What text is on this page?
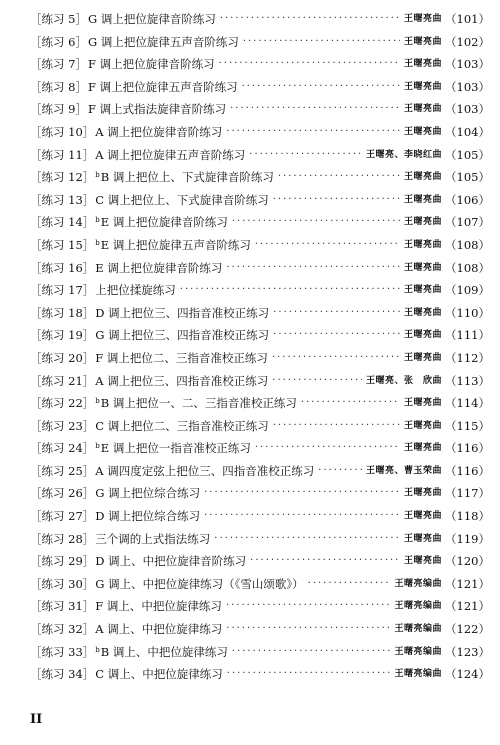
［练习 5］ G 调上把位旋律音阶练习 ·····	王曙亮曲 （101）
［练习 6］ G 调上把位旋律五声音阶练习 ·····	王曙亮曲 （102）
［练习 7］ F 调上把位旋律音阶练习 ·····	王曙亮曲 （103）
［练习 8］ F 调上把位旋律五声音阶练习 ·····	王曙亮曲 （103）
［练习 9］ F 调上式指法旋律音阶练习 ·····	王曙亮曲 （103）
［练习 10］ A 调上把位旋律音阶练习 ·····	王曙亮曲 （104）
［练习 11］ A 调上把位旋律五声音阶练习 ·····	王曙亮、李晓红曲 （105）
［练习 12］ $^b$B 调上把位上、下式旋律音阶练习 ·····	王曙亮曲 （105）
［练习 13］ C 调上把位上、下式旋律音阶练习 ·····	王曙亮曲 （106）
［练习 14］ $^b$E 调上把位旋律音阶练习 ·····	王曙亮曲 （107）
［练习 15］ $^b$E 调上把位旋律五声音阶练习 ·····	王曙亮曲 （108）
［练习 16］ E 调上把位旋律音阶练习 ·····	王曙亮曲 （108）
［练习 17］ 上把位揉旋练习 ·····	王曙亮曲 （109）
［练习 18］ D 调上把位三、四指音准校正练习 ·····	王曙亮曲 （110）
［练习 19］ G 调上把位三、四指音准校正练习 ·····	王曙亮曲 （111）
［练习 20］ F 调上把位二、三指音准校正练习 ·····	王曙亮曲 （112）
［练习 21］ A 调上把位三、四指音准校正练习 ·····	王曙亮、张　欣曲 （113）
［练习 22］ $^b$B 调上把位一、二、三指音准校正练习 ·····	王曙亮曲 （114）
［练习 23］ C 调上把位二、三指音准校正练习 ·····	王曙亮曲 （115）
［练习 24］ $^b$E 调上把位一指音准校正练习 ·····	王曙亮曲 （116）
［练习 25］ A 调四度定弦上把位三、四指音准校正练习 ·····	王曙亮、曹玉荣曲 （116）
［练习 26］ G 调上把位综合练习 ·····	王曙亮曲 （117）
［练习 27］ D 调上把位综合练习 ·····	王曙亮曲 （118）
［练习 28］ 三个调的上式指法练习 ·····	王曙亮曲 （119）
［练习 29］ D 调上、中把位旋律音阶练习 ·····	王曙亮曲 （120）
［练习 30］ G 调上、中把位旋律练习（《雪山颂歌》） ·····	王曙亮编曲 （121）
［练习 31］ F 调上、中把位旋律练习 ·····	王曙亮编曲 （121）
［练习 32］ A 调上、中把位旋律练习 ·····	王曙亮编曲 （122）
［练习 33］ $^b$B 调上、中把位旋律练习 ·····	王曙亮编曲 （123）
［练习 34］ C 调上、中把位旋律练习 ·····	王曙亮编曲 （124）
II
